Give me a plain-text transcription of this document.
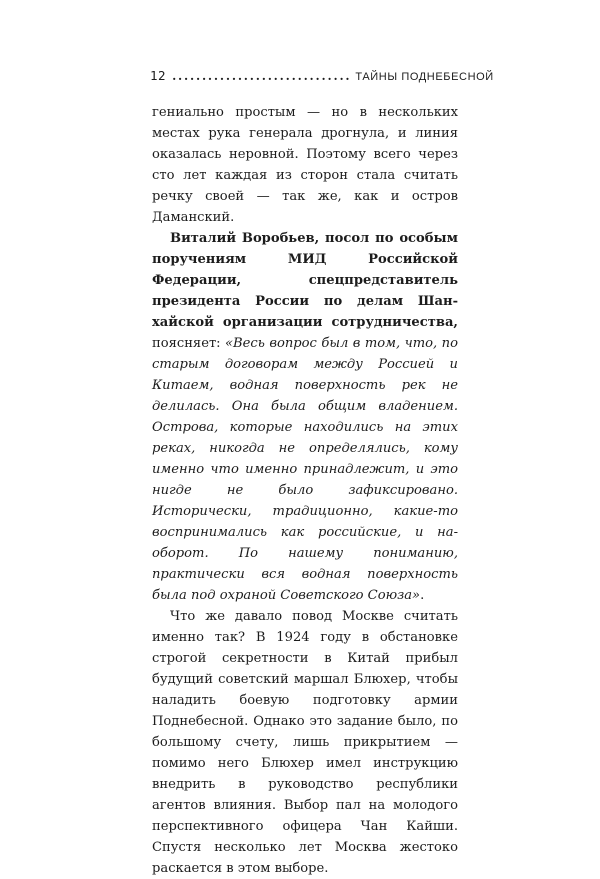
12 .............................. ТАЙНЫ ПОДНЕБЕСНОЙ

гениально простым — но в нескольких местах рука генерала дрогнула, и линия оказалась неровной. Поэтому всего через сто лет каждая из сторон стала считать речку своей — так же, как и остров Даманский.

Виталий Воробьев, посол по особым поручениям МИД Российской Федерации, спецпредставитель президента России по делам Шанхайской организации сотрудничества, поясняет: «Весь вопрос был в том, что, по старым договорам между Россией и Китаем, водная поверхность рек не делилась. Она была общим владением. Острова, которые находились на этих реках, никогда не определялись, кому именно что именно принадлежит, и это нигде не было зафиксировано. Исторически, традиционно, какие-то воспринимались как российские, и наоборот. По нашему пониманию, практически вся водная поверхность была под охраной Советского Союза».

Что же давало повод Москве считать именно так? В 1924 году в обстановке строгой секретности в Китай прибыл будущий советский маршал Блюхер, чтобы наладить боевую подготовку армии Поднебесной. Однако это задание было, по большому счету, лишь прикрытием — помимо него Блюхер имел инструкцию внедрить в руководство республики агентов влияния. Выбор пал на молодого перспективного офицера Чан Кайши. Спустя несколько лет Москва жестоко раскается в этом выборе.
